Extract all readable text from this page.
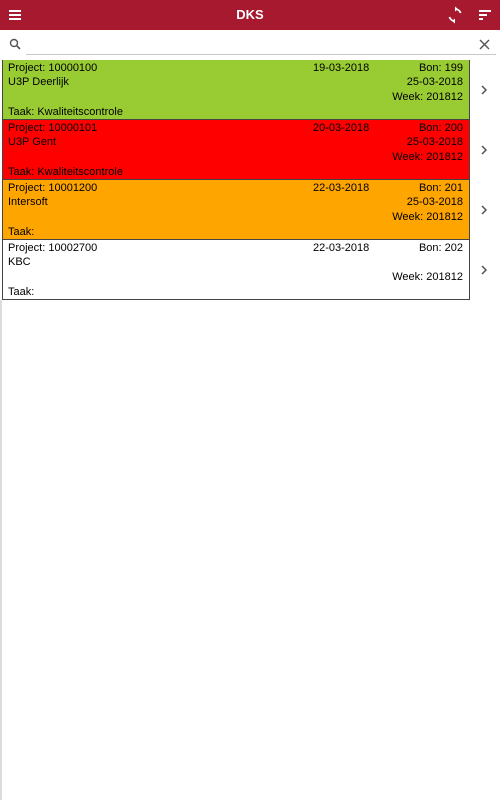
DKS
Project: 10000100	19-03-2018	Bon: 199
U3P Deerlijk	25-03-2018
Week: 201812
Taak: Kwaliteitscontrole
Project: 10000101	20-03-2018	Bon: 200
U3P Gent	25-03-2018
Week: 201812
Taak: Kwaliteitscontrole
Project: 10001200	22-03-2018	Bon: 201
Intersoft	25-03-2018
Week: 201812
Taak:
Project: 10002700	22-03-2018	Bon: 202
KBC
Week: 201812
Taak:
